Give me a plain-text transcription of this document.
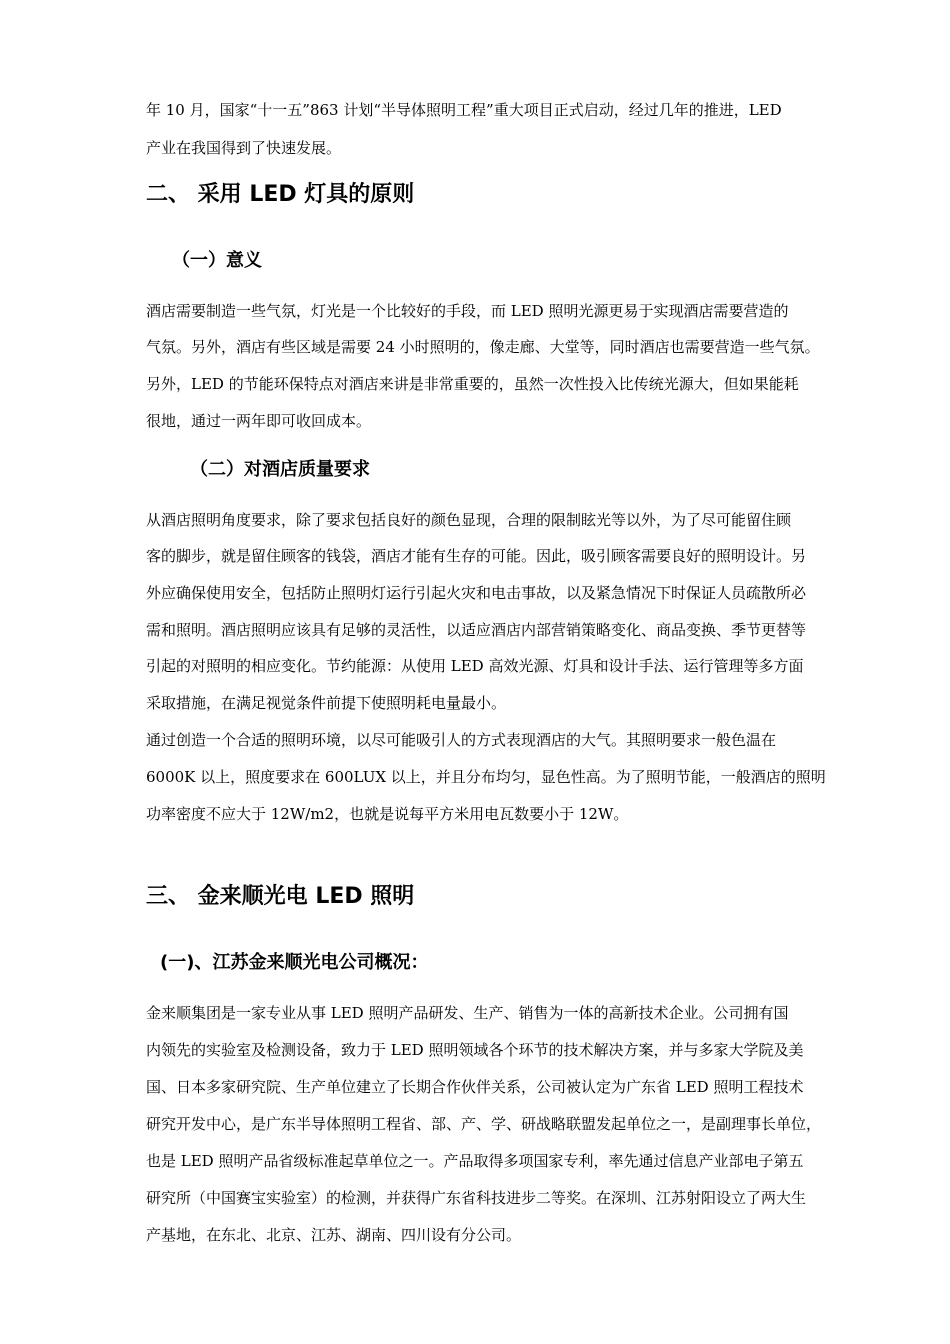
年 10 月，国家“十一五”863 计划“半导体照明工程”重大项目正式启动，经过几年的推进，LED
产业在我国得到了快速发展。
二、 采用 LED 灯具的原则
（一）意义
酒店需要制造一些气氛，灯光是一个比较好的手段，而 LED 照明光源更易于实现酒店需要营造的
气氛。另外，酒店有些区域是需要 24 小时照明的，像走廊、大堂等，同时酒店也需要营造一些气氛。
另外，LED 的节能环保特点对酒店来讲是非常重要的，虽然一次性投入比传统光源大，但如果能耗
很地，通过一两年即可收回成本。
（二）对酒店质量要求
从酒店照明角度要求，除了要求包括良好的颜色显现，合理的限制眩光等以外，为了尽可能留住顾
客的脚步，就是留住顾客的钱袋，酒店才能有生存的可能。因此，吸引顾客需要良好的照明设计。另
外应确保使用安全，包括防止照明灯运行引起火灾和电击事故，以及紧急情况下时保证人员疏散所必
需和照明。酒店照明应该具有足够的灵活性，以适应酒店内部营销策略变化、商品变换、季节更替等
引起的对照明的相应变化。节约能源：从使用 LED 高效光源、灯具和设计手法、运行管理等多方面
采取措施，在满足视觉条件前提下使照明耗电量最小。
通过创造一个合适的照明环境，以尽可能吸引人的方式表现酒店的大气。其照明要求一般色温在
6000K 以上，照度要求在 600LUX 以上，并且分布均匀，显色性高。为了照明节能，一般酒店的照明
功率密度不应大于 12W/m2，也就是说每平方米用电瓦数要小于 12W。
三、 金来顺光电 LED 照明
(一)、江苏金来顺光电公司概况：
金来顺集团是一家专业从事 LED 照明产品研发、生产、销售为一体的高新技术企业。公司拥有国
内领先的实验室及检测设备，致力于 LED 照明领域各个环节的技术解决方案，并与多家大学院及美
国、日本多家研究院、生产单位建立了长期合作伙伴关系，公司被认定为广东省 LED 照明工程技术
研究开发中心，是广东半导体照明工程省、部、产、学、研战略联盟发起单位之一，是副理事长单位，
也是 LED 照明产品省级标准起草单位之一。产品取得多项国家专利，率先通过信息产业部电子第五
研究所（中国赛宝实验室）的检测，并获得广东省科技进步二等奖。在深圳、江苏射阳设立了两大生
产基地，在东北、北京、江苏、湖南、四川设有分公司。
